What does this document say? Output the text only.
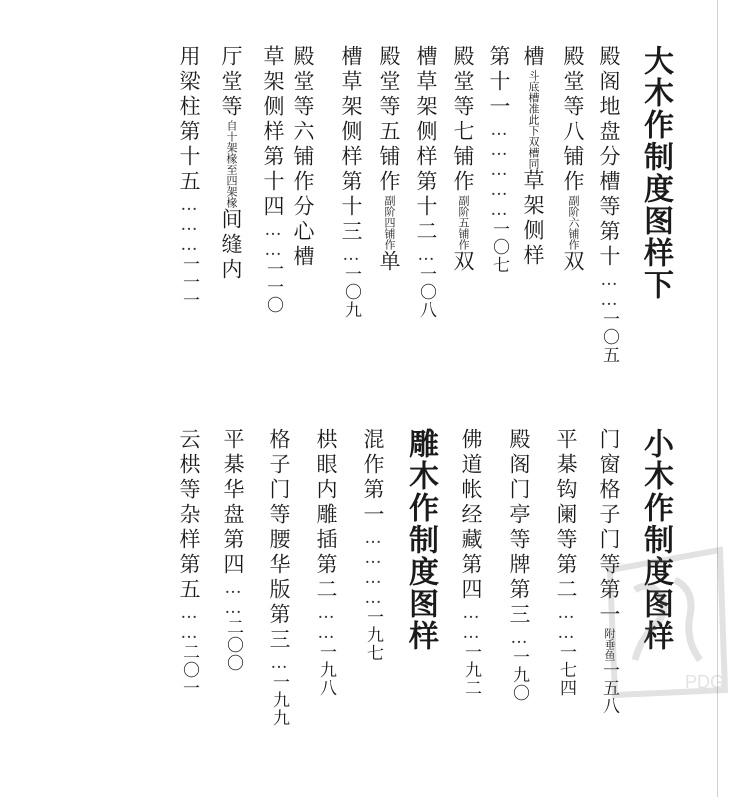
大木作制度图样下
殿阁地盘分槽等第十……一〇五
殿堂等八铺作副阶六铺作双
槽斗底槽准此下双槽同草架侧样
第十一……………一〇七
槽草架侧样第十二…一〇八
殿堂等七铺作副阶五铺作双
殿堂等五铺作副阶四铺作单
槽草架侧样第十三…一〇九
殿堂等六铺作分心槽
草架侧样第十四……一一〇
厅堂等自十架椽至四架椽间缝内
用梁柱第十五………一一一
小木作制度图样
门窗格子门等第一附垂鱼一五八
平棊钩阑等第二……一七四
殿阁门亭等牌第三…一九〇
佛道帐经藏第四……一九二
雕木作制度图样
混作第一…………一九七
栱眼内雕插第二……一九八
格子门等腰华版第三…一九九
平棊华盘第四……二〇〇
云栱等杂样第五……二〇一	PDG
